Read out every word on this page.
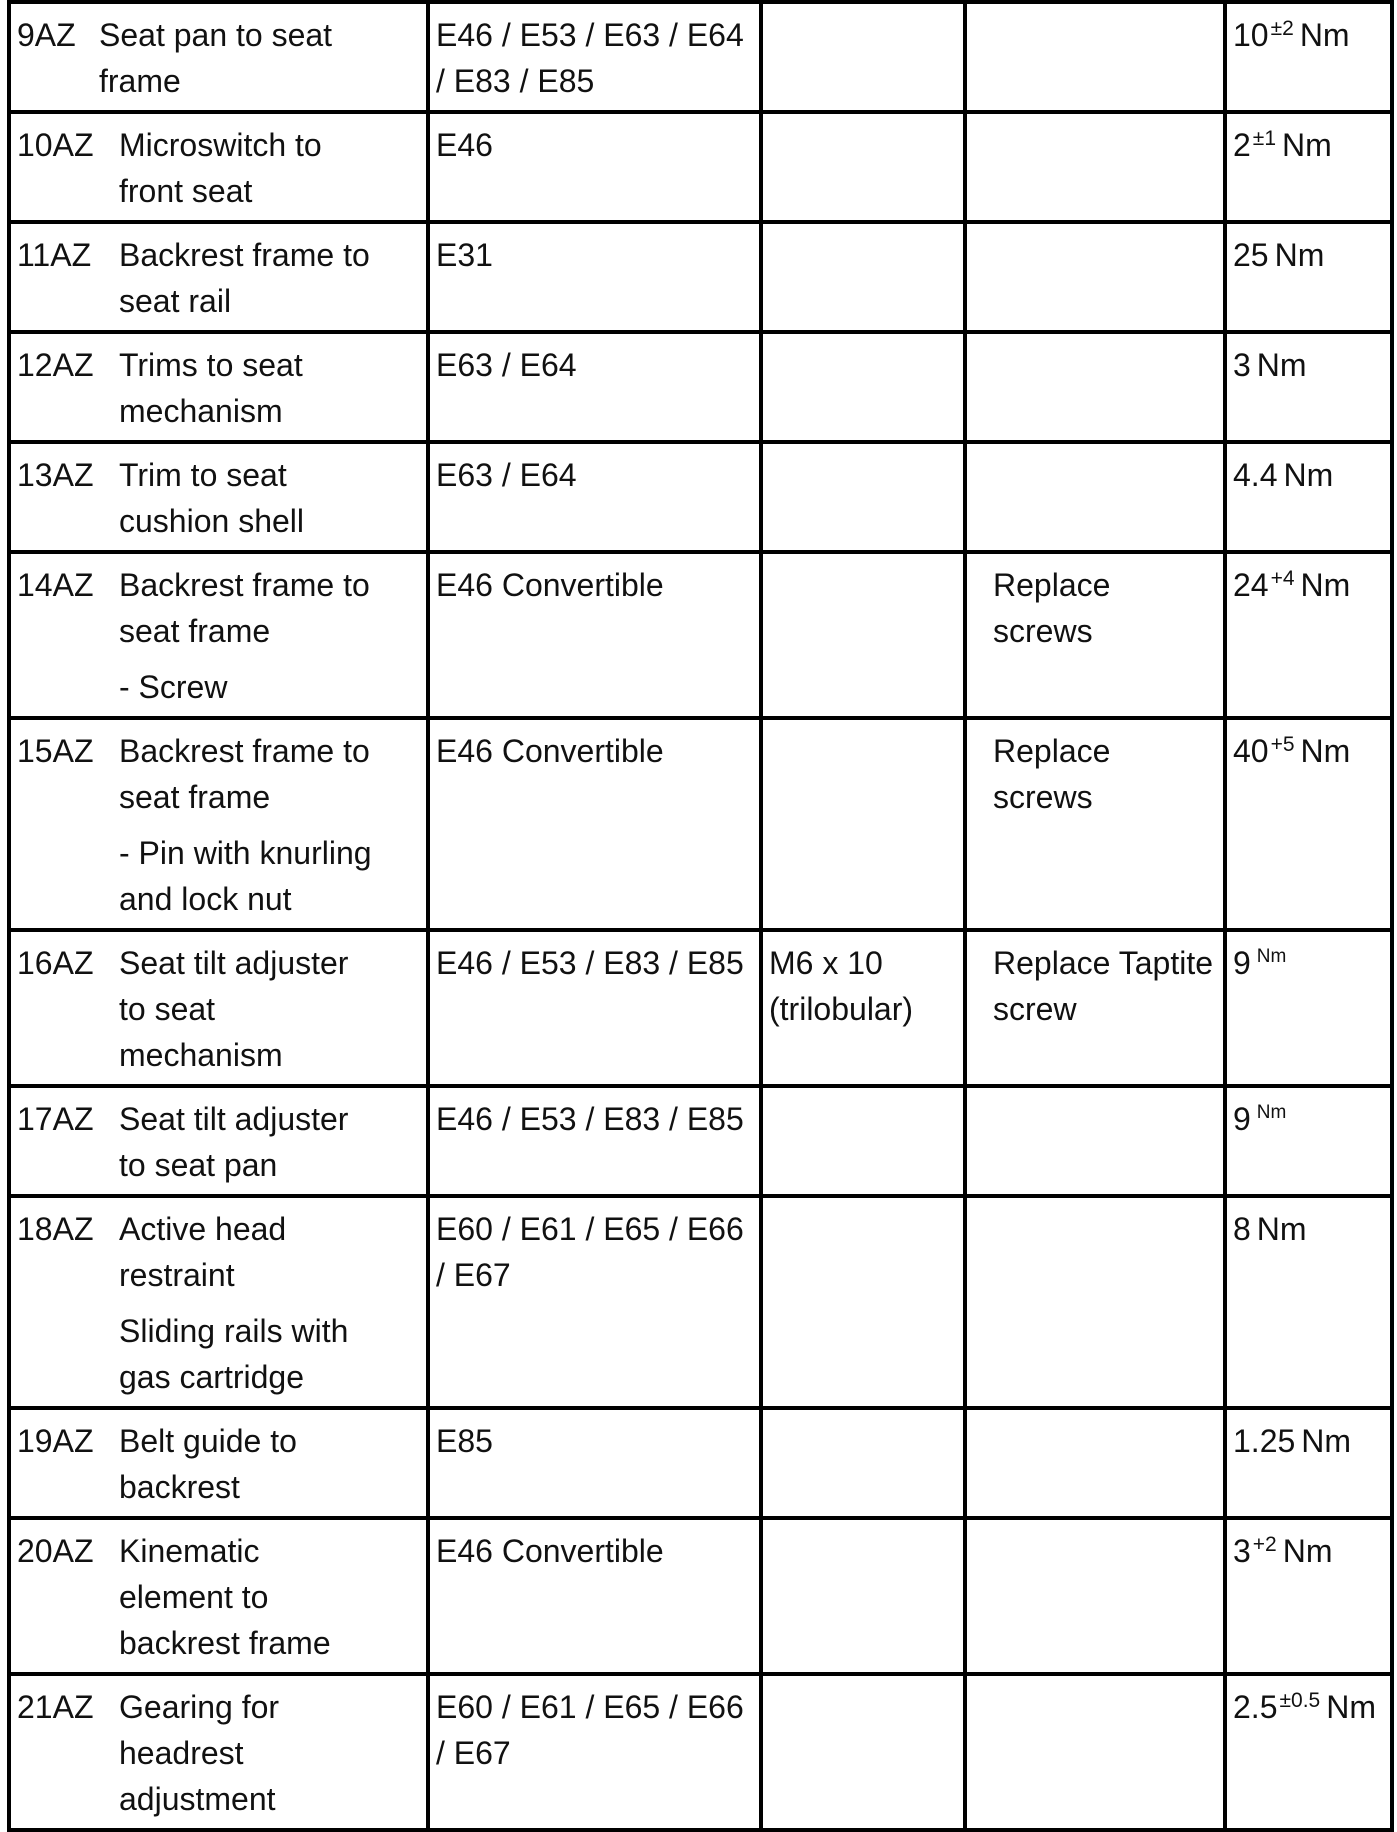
9AZ Seat pan to seat
frame	E46 / E53 / E63 / E64 / E83 / E85			$10^{\pm 2}$ Nm

10AZ Microswitch to
front seat	E46			$2^{\pm 1}$ Nm

11AZ Backrest frame to
seat rail	E31			25 Nm

12AZ Trims to seat
mechanism	E63 / E64			3 Nm

13AZ Trim to seat
cushion shell	E63 / E64			4.4 Nm

14AZ Backrest frame to
seat frame
- Screw	E46 Convertible		Replace screws	$24^{+4}$ Nm

15AZ Backrest frame to
seat frame
- Pin with knurling
and lock nut	E46 Convertible		Replace screws	$40^{+5}$ Nm

16AZ Seat tilt adjuster
to seat
mechanism	E46 / E53 / E83 / E85	M6 x 10 (trilobular)	Replace Taptite screw	9 $^{Nm}$

17AZ Seat tilt adjuster
to seat pan	E46 / E53 / E83 / E85			9 $^{Nm}$

18AZ Active head
restraint
Sliding rails with
gas cartridge	E60 / E61 / E65 / E66 / E67			8 Nm

19AZ Belt guide to
backrest	E85			1.25 Nm

20AZ Kinematic
element to
backrest frame	E46 Convertible			$3^{+2}$ Nm

21AZ Gearing for
headrest
adjustment	E60 / E61 / E65 / E66 / E67			$2.5^{\pm 0.5}$ Nm
